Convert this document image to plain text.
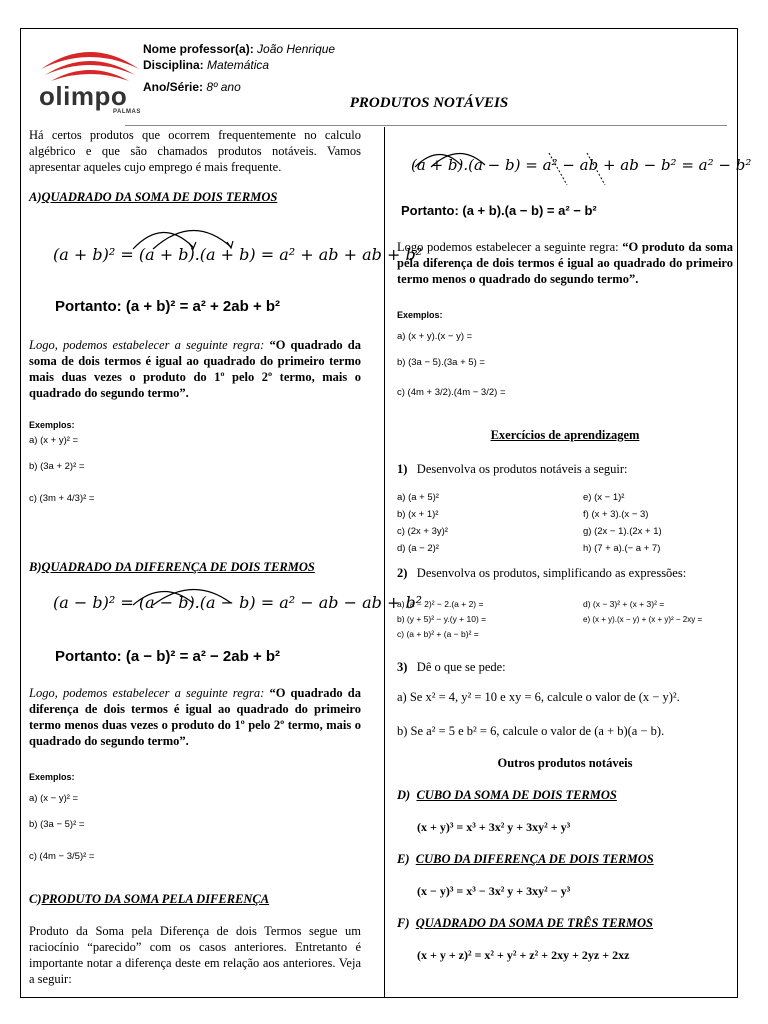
olimpo
PALMAS
Nome professor(a): João Henrique
Disciplina: Matemática
Ano/Série: 8º ano
PRODUTOS NOTÁVEIS
Há certos produtos que ocorrem frequentemente no calculo algébrico e que são chamados produtos notáveis. Vamos apresentar aqueles cujo emprego é mais frequente.
A)QUADRADO DA SOMA DE DOIS TERMOS
(a + b)² = (a + b).(a + b) = a² + ab + ab + b²
Portanto: (a + b)² = a² + 2ab + b²
Logo, podemos estabelecer a seguinte regra: “O quadrado da soma de dois termos é igual ao quadrado do primeiro termo mais duas vezes o produto do 1º pelo 2º termo, mais o quadrado do segundo termo”.
Exemplos:
a) (x + y)² =
b) (3a + 2)² =
c) (3m + 4/3)² =
B)QUADRADO DA DIFERENÇA DE DOIS TERMOS
(a − b)² = (a − b).(a − b) = a² − ab − ab + b²
Portanto: (a − b)² = a² − 2ab + b²
Logo, podemos estabelecer a seguinte regra: “O quadrado da diferença de dois termos é igual ao quadrado do primeiro termo menos duas vezes o produto do 1º pelo 2º termo, mais o quadrado do segundo termo”.
Exemplos:
a) (x − y)² =
b) (3a − 5)² =
c) (4m − 3/5)² =
C)PRODUTO DA SOMA PELA DIFERENÇA
Produto da Soma pela Diferença de dois Termos segue um raciocínio “parecido” com os casos anteriores. Entretanto é importante notar a diferença deste em relação aos anteriores. Veja a seguir:
(a + b).(a − b) = a² − ab + ab − b² = a² − b²
Portanto: (a + b).(a − b) = a² − b²
Logo podemos estabelecer a seguinte regra: “O produto da soma pela diferença de dois termos é igual ao quadrado do primeiro termo menos o quadrado do segundo termo”.
Exemplos:
a) (x + y).(x − y) =
b) (3a − 5).(3a + 5) =
c) (4m + 3/2).(4m − 3/2) =
Exercícios de aprendizagem
1) Desenvolva os produtos notáveis a seguir:
a) (a + 5)²
b) (x + 1)²
c) (2x + 3y)²
d) (a − 2)²
e) (x − 1)²
f) (x + 3).(x − 3)
g) (2x − 1).(2x + 1)
h) (7 + a).(− a + 7)
2) Desenvolva os produtos, simplificando as expressões:
a) (a − 2)² − 2.(a + 2) =
b) (y + 5)² − y.(y + 10) =
c) (a + b)² + (a − b)² =
d) (x − 3)² + (x + 3)² =
e) (x + y).(x − y) + (x + y)² − 2xy =
3) Dê o que se pede:
a) Se x² = 4, y² = 10 e xy = 6, calcule o valor de (x − y)².
b) Se a² = 5 e b² = 6, calcule o valor de (a + b)(a − b).
Outros produtos notáveis
D) CUBO DA SOMA DE DOIS TERMOS
(x + y)³ = x³ + 3x² y + 3xy² + y³
E) CUBO DA DIFERENÇA DE DOIS TERMOS
(x − y)³ = x³ − 3x² y + 3xy² − y³
F) QUADRADO DA SOMA DE TRÊS TERMOS
(x + y + z)² = x² + y² + z² + 2xy + 2yz + 2xz
